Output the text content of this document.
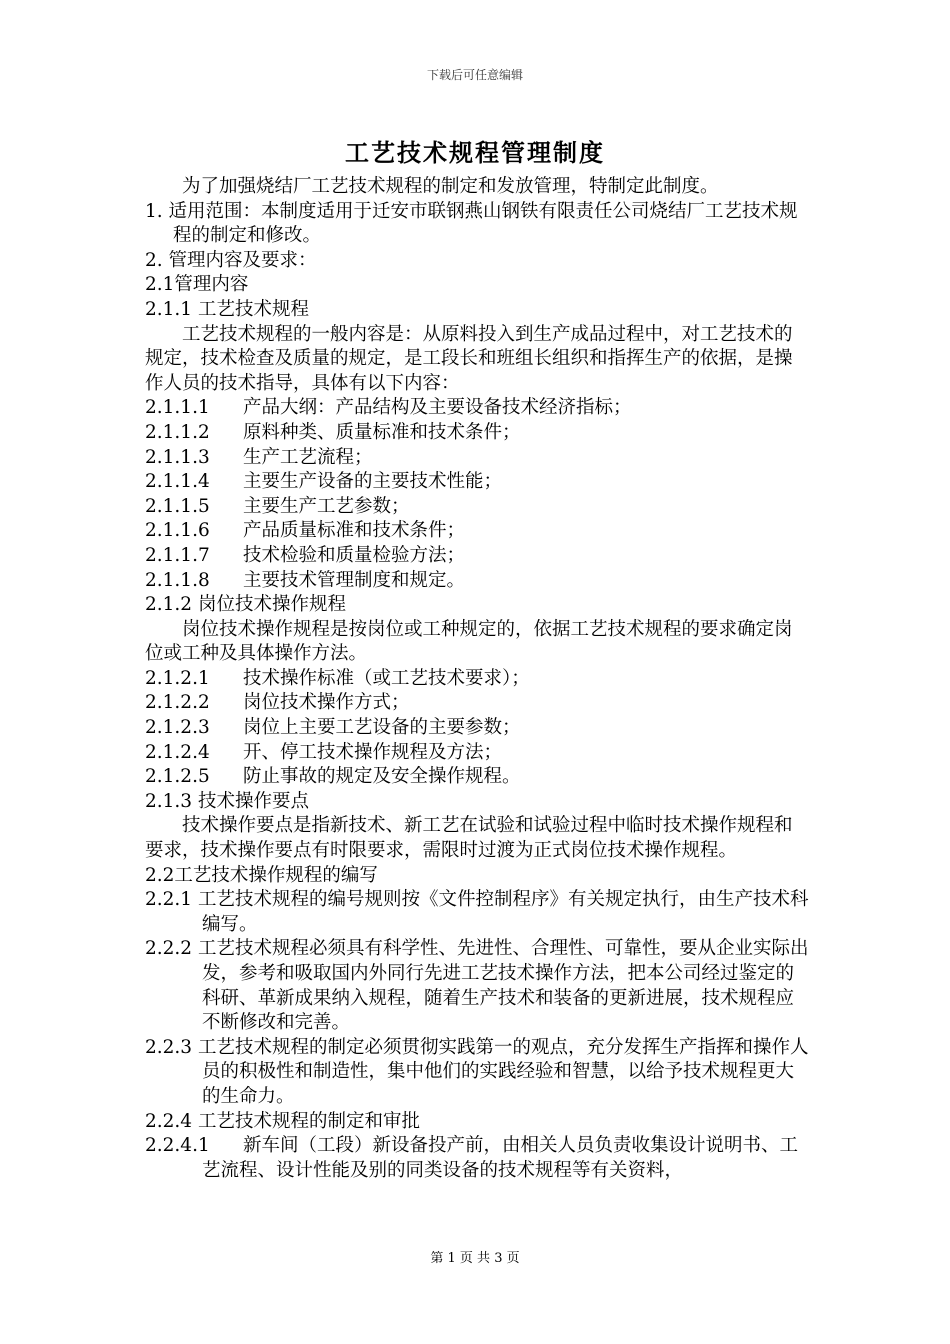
下载后可任意编辑
工艺技术规程管理制度

为了加强烧结厂工艺技术规程的制定和发放管理，特制定此制度。

1. 适用范围：本制度适用于迁安市联钢燕山钢铁有限责任公司烧结厂工艺技术规程的制定和修改。

2. 管理内容及要求：

2.1管理内容

2.1.1 工艺技术规程

工艺技术规程的一般内容是：从原料投入到生产成品过程中，对工艺技术的规定，技术检查及质量的规定，是工段长和班组长组织和指挥生产的依据，是操作人员的技术指导，具体有以下内容：

2.1.1.1 产品大纲：产品结构及主要设备技术经济指标；

2.1.1.2 原料种类、质量标准和技术条件；

2.1.1.3 生产工艺流程；

2.1.1.4 主要生产设备的主要技术性能；

2.1.1.5 主要生产工艺参数；

2.1.1.6 产品质量标准和技术条件；

2.1.1.7 技术检验和质量检验方法；

2.1.1.8 主要技术管理制度和规定。

2.1.2 岗位技术操作规程

岗位技术操作规程是按岗位或工种规定的，依据工艺技术规程的要求确定岗位或工种及具体操作方法。

2.1.2.1 技术操作标准（或工艺技术要求）；

2.1.2.2 岗位技术操作方式；

2.1.2.3 岗位上主要工艺设备的主要参数；

2.1.2.4 开、停工技术操作规程及方法；

2.1.2.5 防止事故的规定及安全操作规程。

2.1.3 技术操作要点

技术操作要点是指新技术、新工艺在试验和试验过程中临时技术操作规程和要求，技术操作要点有时限要求，需限时过渡为正式岗位技术操作规程。

2.2工艺技术操作规程的编写

2.2.1 工艺技术规程的编号规则按《文件控制程序》有关规定执行，由生产技术科编写。

2.2.2 工艺技术规程必须具有科学性、先进性、合理性、可靠性，要从企业实际出发，参考和吸取国内外同行先进工艺技术操作方法，把本公司经过鉴定的科研、革新成果纳入规程，随着生产技术和装备的更新进展，技术规程应不断修改和完善。

2.2.3 工艺技术规程的制定必须贯彻实践第一的观点，充分发挥生产指挥和操作人员的积极性和制造性，集中他们的实践经验和智慧，以给予技术规程更大的生命力。

2.2.4 工艺技术规程的制定和审批

2.2.4.1 新车间（工段）新设备投产前，由相关人员负责收集设计说明书、工艺流程、设计性能及别的同类设备的技术规程等有关资料，

第 1 页 共 3 页
